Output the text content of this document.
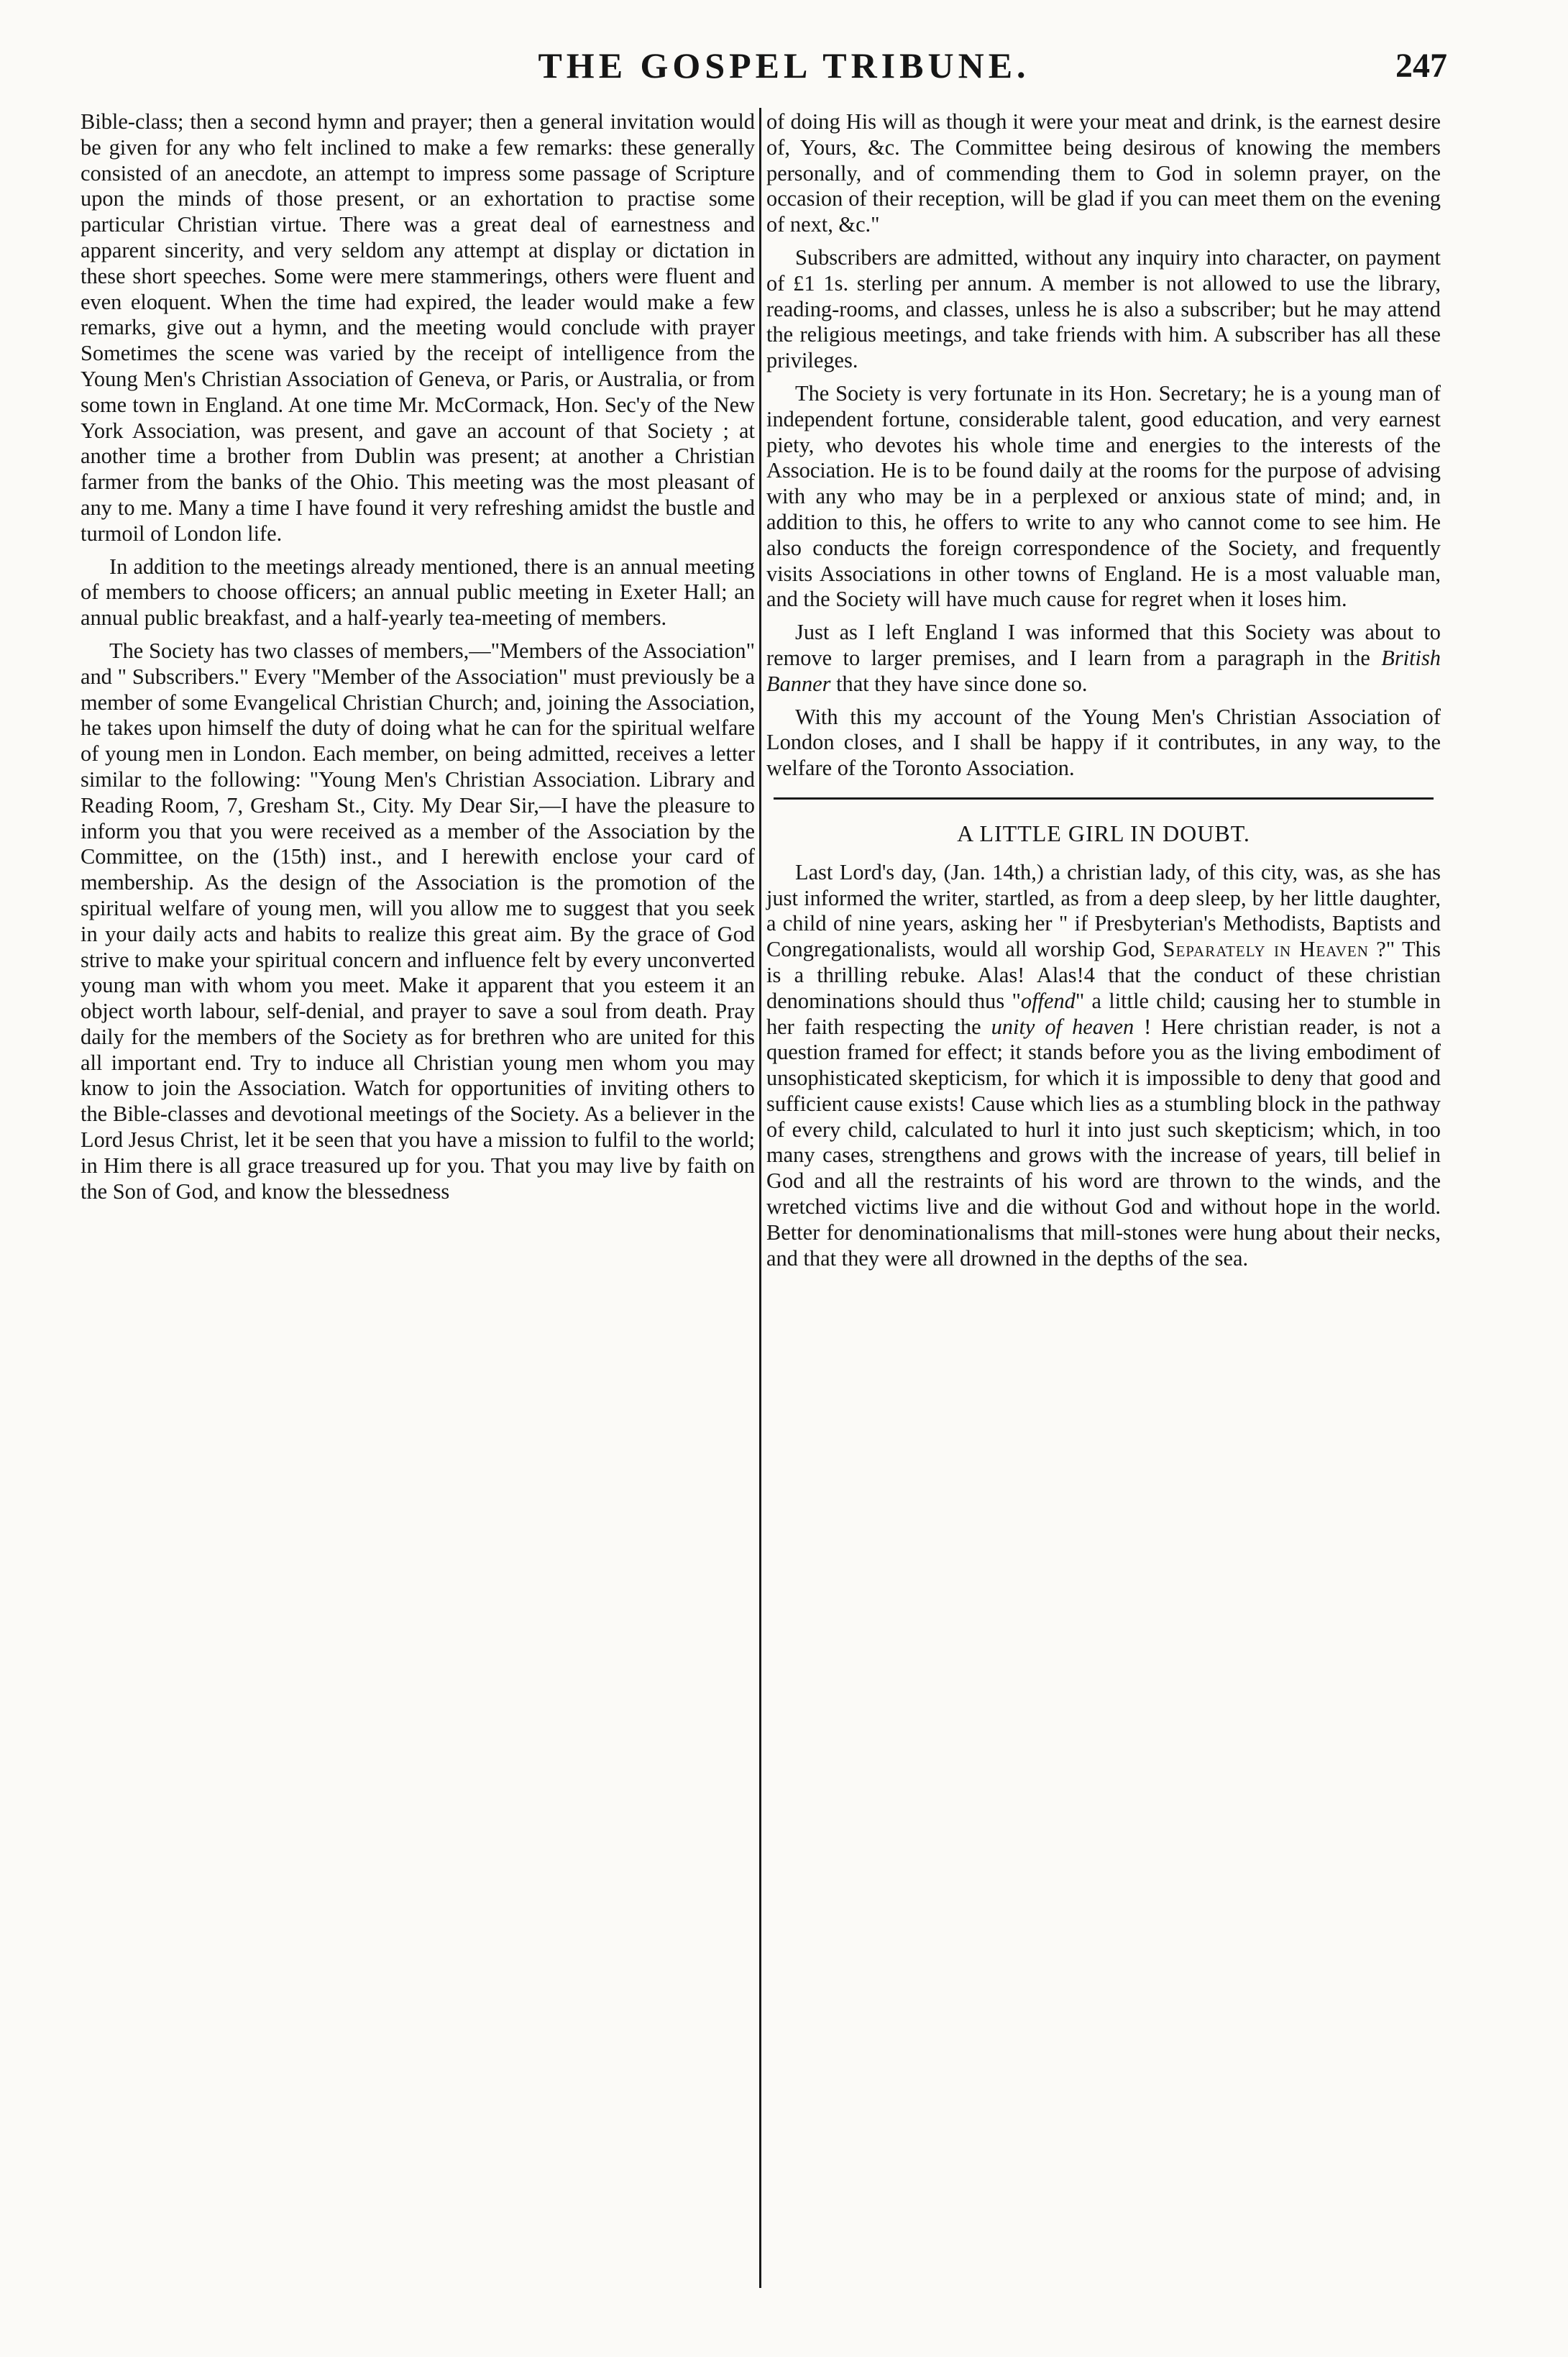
THE GOSPEL TRIBUNE.	247

Bible-class; then a second hymn and prayer; then a general invitation would be given for any who felt inclined to make a few remarks: these generally consisted of an anecdote, an attempt to impress some passage of Scripture upon the minds of those present, or an exhortation to practise some particular Christian virtue. There was a great deal of earnestness and apparent sincerity, and very seldom any attempt at display or dictation in these short speeches. Some were mere stammerings, others were fluent and even eloquent. When the time had expired, the leader would make a few remarks, give out a hymn, and the meeting would conclude with prayer Sometimes the scene was varied by the receipt of intelligence from the Young Men's Christian Association of Geneva, or Paris, or Australia, or from some town in England. At one time Mr. McCormack, Hon. Sec'y of the New York Association, was present, and gave an account of that Society ; at another time a brother from Dublin was present; at another a Christian farmer from the banks of the Ohio. This meeting was the most pleasant of any to me. Many a time I have found it very refreshing amidst the bustle and turmoil of London life.

In addition to the meetings already mentioned, there is an annual meeting of members to choose officers; an annual public meeting in Exeter Hall; an annual public breakfast, and a half-yearly tea-meeting of members.

The Society has two classes of members,—"Members of the Association" and " Subscribers." Every "Member of the Association" must previously be a member of some Evangelical Christian Church; and, joining the Association, he takes upon himself the duty of doing what he can for the spiritual welfare of young men in London. Each member, on being admitted, receives a letter similar to the following: "Young Men's Christian Association. Library and Reading Room, 7, Gresham St., City. My Dear Sir,—I have the pleasure to inform you that you were received as a member of the Association by the Committee, on the (15th) inst., and I herewith enclose your card of membership. As the design of the Association is the promotion of the spiritual welfare of young men, will you allow me to suggest that you seek in your daily acts and habits to realize this great aim. By the grace of God strive to make your spiritual concern and influence felt by every unconverted young man with whom you meet. Make it apparent that you esteem it an object worth labour, self-denial, and prayer to save a soul from death. Pray daily for the members of the Society as for brethren who are united for this all important end. Try to induce all Christian young men whom you may know to join the Association. Watch for opportunities of inviting others to the Bible-classes and devotional meetings of the Society. As a believer in the Lord Jesus Christ, let it be seen that you have a mission to fulfil to the world; in Him there is all grace treasured up for you. That you may live by faith on the Son of God, and know the blessedness

of doing His will as though it were your meat and drink, is the earnest desire of, Yours, &c. The Committee being desirous of knowing the members personally, and of commending them to God in solemn prayer, on the occasion of their reception, will be glad if you can meet them on the evening of next, &c."

Subscribers are admitted, without any inquiry into character, on payment of £1 1s. sterling per annum. A member is not allowed to use the library, reading-rooms, and classes, unless he is also a subscriber; but he may attend the religious meetings, and take friends with him. A subscriber has all these privileges.

The Society is very fortunate in its Hon. Secretary; he is a young man of independent fortune, considerable talent, good education, and very earnest piety, who devotes his whole time and energies to the interests of the Association. He is to be found daily at the rooms for the purpose of advising with any who may be in a perplexed or anxious state of mind; and, in addition to this, he offers to write to any who cannot come to see him. He also conducts the foreign correspondence of the Society, and frequently visits Associations in other towns of England. He is a most valuable man, and the Society will have much cause for regret when it loses him.

Just as I left England I was informed that this Society was about to remove to larger premises, and I learn from a paragraph in the British Banner that they have since done so.

With this my account of the Young Men's Christian Association of London closes, and I shall be happy if it contributes, in any way, to the welfare of the Toronto Association.

A LITTLE GIRL IN DOUBT.

Last Lord's day, (Jan. 14th,) a christian lady, of this city, was, as she has just informed the writer, startled, as from a deep sleep, by her little daughter, a child of nine years, asking her " if Presbyterian's Methodists, Baptists and Congregationalists, would all worship God, Separately in Heaven ?" This is a thrilling rebuke. Alas! Alas!4 that the conduct of these christian denominations should thus "offend" a little child; causing her to stumble in her faith respecting the unity of heaven ! Here christian reader, is not a question framed for effect; it stands before you as the living embodiment of unsophisticated skepticism, for which it is impossible to deny that good and sufficient cause exists! Cause which lies as a stumbling block in the pathway of every child, calculated to hurl it into just such skepticism; which, in too many cases, strengthens and grows with the increase of years, till belief in God and all the restraints of his word are thrown to the winds, and the wretched victims live and die without God and without hope in the world. Better for denominationalisms that mill-stones were hung about their necks, and that they were all drowned in the depths of the sea.
